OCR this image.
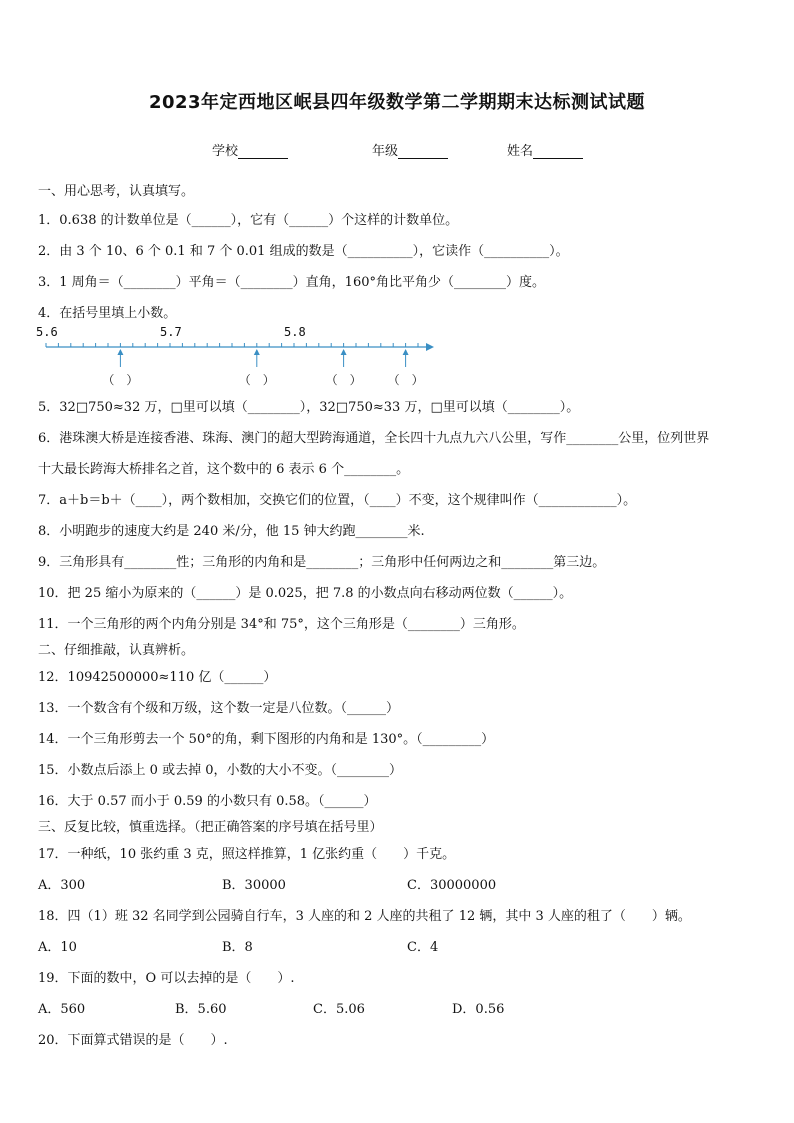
2023年定西地区岷县四年级数学第二学期期末达标测试试题
学校	年级	姓名
一、用心思考，认真填写。
1．0.638 的计数单位是（______），它有（______）个这样的计数单位。
2．由 3 个 10、6 个 0.1 和 7 个 0.01 组成的数是（__________），它读作（__________）。
3．1 周角＝（________）平角＝（________）直角，160°角比平角少（________）度。
4．在括号里填上小数。
5.6	5.7	5.8
（　）	（　）	（　） （　）
5．32□750≈32 万，□里可以填（________），32□750≈33 万，□里可以填（________）。
6．港珠澳大桥是连接香港、珠海、澳门的超大型跨海通道，全长四十九点九六八公里，写作________公里，位列世界
十大最长跨海大桥排名之首，这个数中的 6 表示 6 个________。
7．a＋b＝b＋（____），两个数相加，交换它们的位置，（____）不变，这个规律叫作（____________）。
8．小明跑步的速度大约是 240 米/分，他 15 钟大约跑________米.
9．三角形具有________性；三角形的内角和是________；三角形中任何两边之和________第三边。
10．把 25 缩小为原来的（______）是 0.025，把 7.8 的小数点向右移动两位数（______）。
11．一个三角形的两个内角分别是 34°和 75°，这个三角形是（________）三角形。
二、仔细推敲，认真辨析。
12．10942500000≈110 亿（______）
13．一个数含有个级和万级，这个数一定是八位数。（______）
14．一个三角形剪去一个 50°的角，剩下图形的内角和是 130°。（_________）
15．小数点后添上 0 或去掉 0，小数的大小不变。（________）
16．大于 0.57 而小于 0.59 的小数只有 0.58。（______）
三、反复比较，慎重选择。（把正确答案的序号填在括号里）
17．一种纸，10 张约重 3 克，照这样推算，1 亿张约重（　　）千克。
A．300	B．30000	C．30000000
18．四（1）班 32 名同学到公园骑自行车，3 人座的和 2 人座的共租了 12 辆，其中 3 人座的租了（　　）辆。
A．10	B．8	C．4
19．下面的数中，O 可以去掉的是（　　）.
A．560	B．5.60	C．5.06	D．0.56
20．下面算式错误的是（　　）.
